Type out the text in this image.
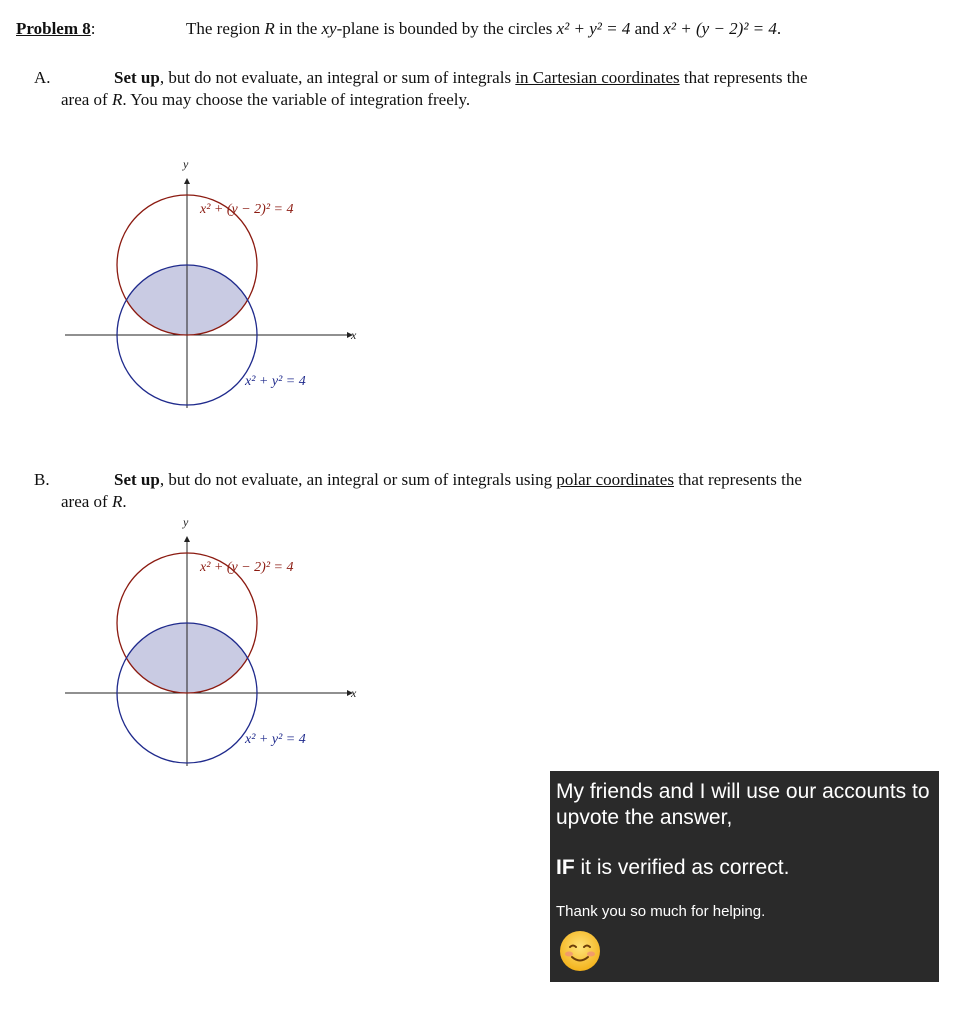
Problem 8:	The region R in the xy-plane is bounded by the circles x² + y² = 4 and x² + (y − 2)² = 4.
A.	Set up, but do not evaluate, an integral or sum of integrals in Cartesian coordinates that represents the
area of R. You may choose the variable of integration freely.
y
x
x² + (y − 2)² = 4
x² + y² = 4
B.	Set up, but do not evaluate, an integral or sum of integrals using polar coordinates that represents the
area of R.
y
x
x² + (y − 2)² = 4
x² + y² = 4
My friends and I will use our accounts to upvote the answer,
IF it is verified as correct.
Thank you so much for helping.
